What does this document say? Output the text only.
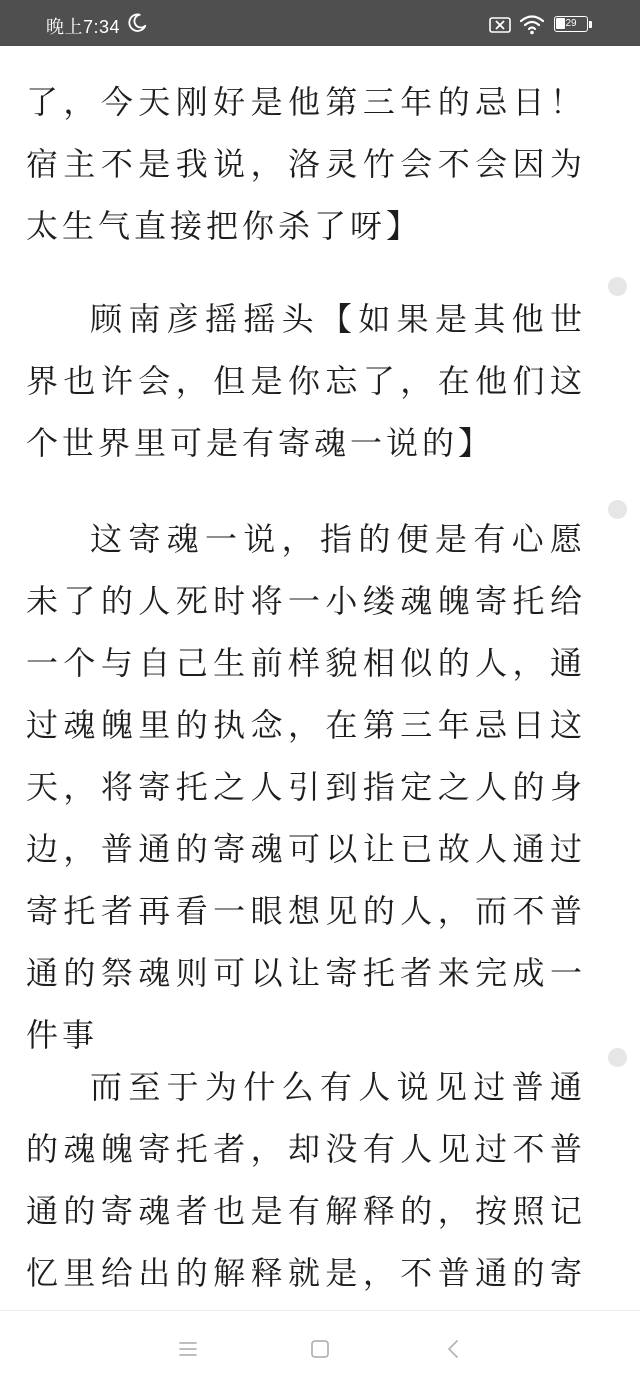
晚上7:34	29
了，今天刚好是他第三年的忌日！宿主不是我说，洛灵竹会不会因为太生气直接把你杀了呀】
顾南彦摇摇头【如果是其他世界也许会，但是你忘了，在他们这个世界里可是有寄魂一说的】
这寄魂一说，指的便是有心愿未了的人死时将一小缕魂魄寄托给一个与自己生前样貌相似的人，通过魂魄里的执念，在第三年忌日这天，将寄托之人引到指定之人的身边，普通的寄魂可以让已故人通过寄托者再看一眼想见的人，而不普通的祭魂则可以让寄托者来完成一件事
而至于为什么有人说见过普通的魂魄寄托者，却没有人见过不普通的寄魂者也是有解释的，按照记忆里给出的解释就是，不普通的寄
